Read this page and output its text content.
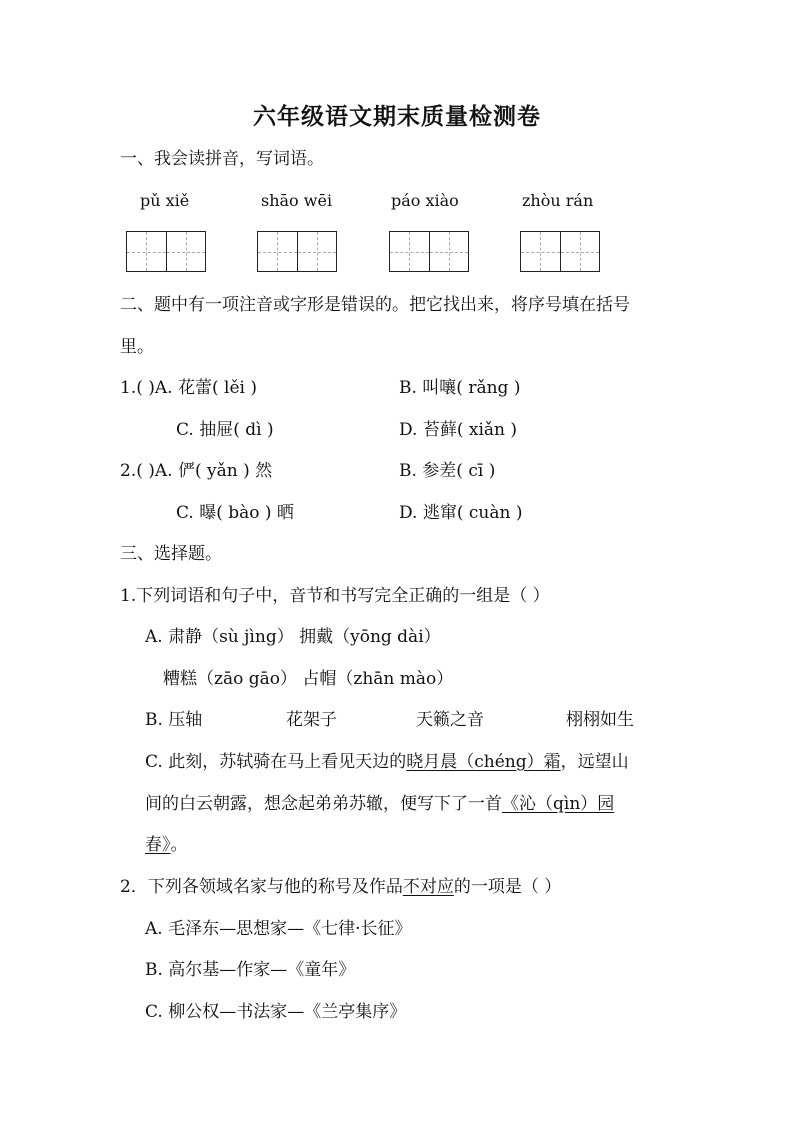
六年级语文期末质量检测卷
一、我会读拼音，写词语。
pǔ xiě	shāo wēi	páo xiào	zhòu rán
二、题中有一项注音或字形是错误的。把它找出来，将序号填在括号
里。
1.( )A. 花蕾( lěi )	B. 叫嚷( rǎng )
C. 抽屉( dì )	D. 苔藓( xiǎn )
2.( )A. 俨( yǎn ) 然	B. 参差( cī )
C. 曝( bào ) 晒	D. 逃窜( cuàn )
三、选择题。
1.下列词语和句子中，音节和书写完全正确的一组是（ ）
A. 肃静（sù jìng） 拥戴（yōng dài）
糟糕（zāo gāo） 占帽（zhān mào）
B. 压轴	花架子	天籁之音	栩栩如生
C. 此刻，苏轼骑在马上看见天边的晓月晨（chéng）霜，远望山
间的白云朝露，想念起弟弟苏辙，便写下了一首《沁（qìn）园
春》。
2．下列各领域名家与他的称号及作品不对应的一项是（ ）
A. 毛泽东—思想家—《七律·长征》
B. 高尔基—作家—《童年》
C. 柳公权—书法家—《兰亭集序》
